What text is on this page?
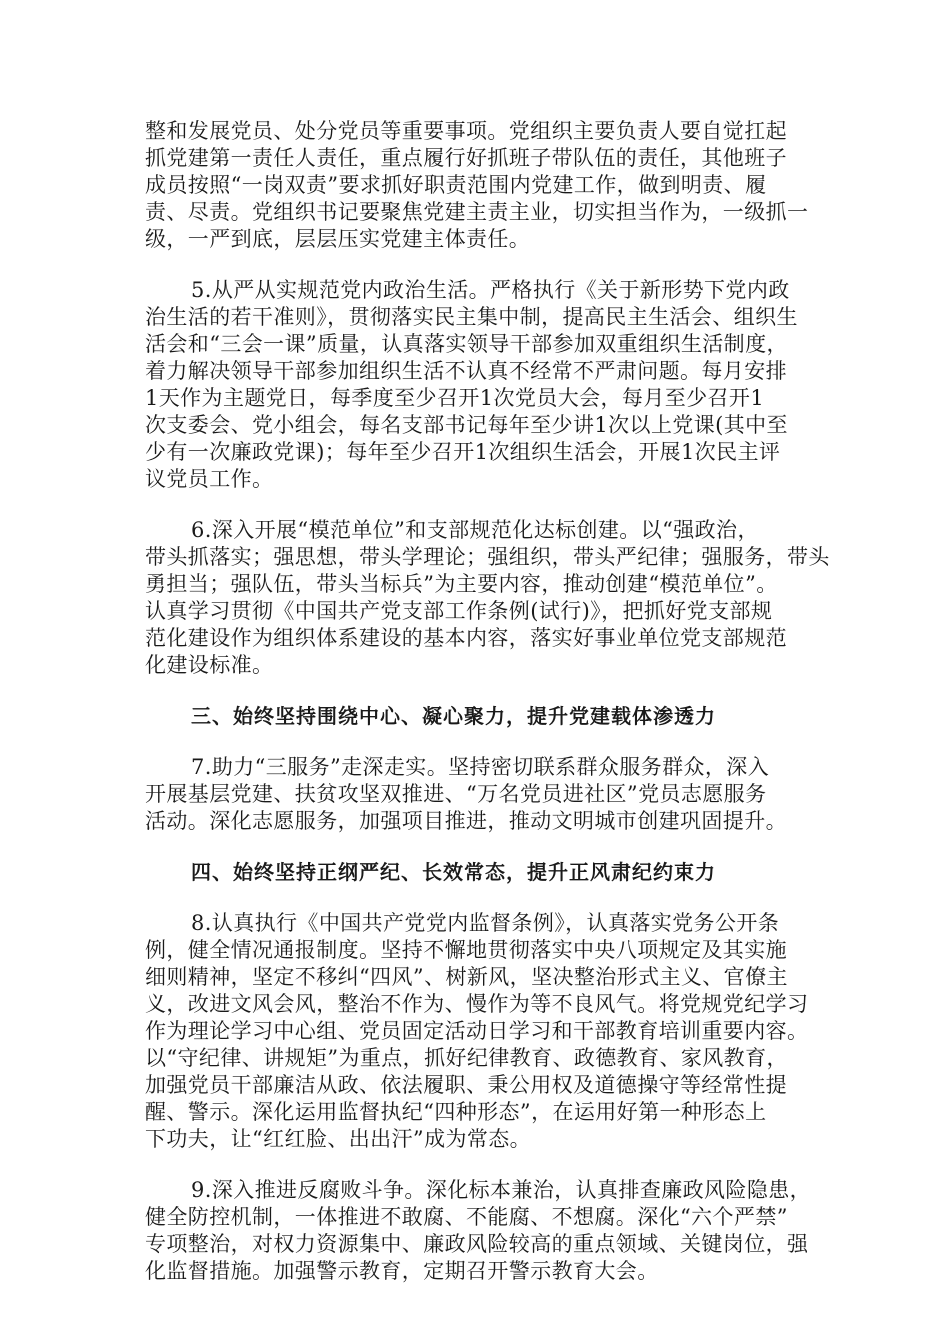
整和发展党员、处分党员等重要事项。党组织主要负责人要自觉扛起
抓党建第一责任人责任，重点履行好抓班子带队伍的责任，其他班子
成员按照“一岗双责”要求抓好职责范围内党建工作，做到明责、履
责、尽责。党组织书记要聚焦党建主责主业，切实担当作为，一级抓一
级，一严到底，层层压实党建主体责任。
5.从严从实规范党内政治生活。严格执行《关于新形势下党内政
治生活的若干准则》，贯彻落实民主集中制，提高民主生活会、组织生
活会和“三会一课”质量，认真落实领导干部参加双重组织生活制度，
着力解决领导干部参加组织生活不认真不经常不严肃问题。每月安排
1天作为主题党日，每季度至少召开1次党员大会，每月至少召开1
次支委会、党小组会，每名支部书记每年至少讲1次以上党课(其中至
少有一次廉政党课)；每年至少召开1次组织生活会，开展1次民主评
议党员工作。
6.深入开展“模范单位”和支部规范化达标创建。以“强政治，
带头抓落实；强思想，带头学理论；强组织，带头严纪律；强服务，带头
勇担当；强队伍，带头当标兵”为主要内容，推动创建“模范单位”。
认真学习贯彻《中国共产党支部工作条例(试行)》，把抓好党支部规
范化建设作为组织体系建设的基本内容，落实好事业单位党支部规范
化建设标准。
三、始终坚持围绕中心、凝心聚力，提升党建载体渗透力
7.助力“三服务”走深走实。坚持密切联系群众服务群众，深入
开展基层党建、扶贫攻坚双推进、“万名党员进社区”党员志愿服务
活动。深化志愿服务，加强项目推进，推动文明城市创建巩固提升。
四、始终坚持正纲严纪、长效常态，提升正风肃纪约束力
8.认真执行《中国共产党党内监督条例》，认真落实党务公开条
例，健全情况通报制度。坚持不懈地贯彻落实中央八项规定及其实施
细则精神，坚定不移纠“四风”、树新风，坚决整治形式主义、官僚主
义，改进文风会风，整治不作为、慢作为等不良风气。将党规党纪学习
作为理论学习中心组、党员固定活动日学习和干部教育培训重要内容。
以“守纪律、讲规矩”为重点，抓好纪律教育、政德教育、家风教育，
加强党员干部廉洁从政、依法履职、秉公用权及道德操守等经常性提
醒、警示。深化运用监督执纪“四种形态”，在运用好第一种形态上
下功夫，让“红红脸、出出汗”成为常态。
9.深入推进反腐败斗争。深化标本兼治，认真排查廉政风险隐患，
健全防控机制，一体推进不敢腐、不能腐、不想腐。深化“六个严禁”
专项整治，对权力资源集中、廉政风险较高的重点领域、关键岗位，强
化监督措施。加强警示教育，定期召开警示教育大会。
